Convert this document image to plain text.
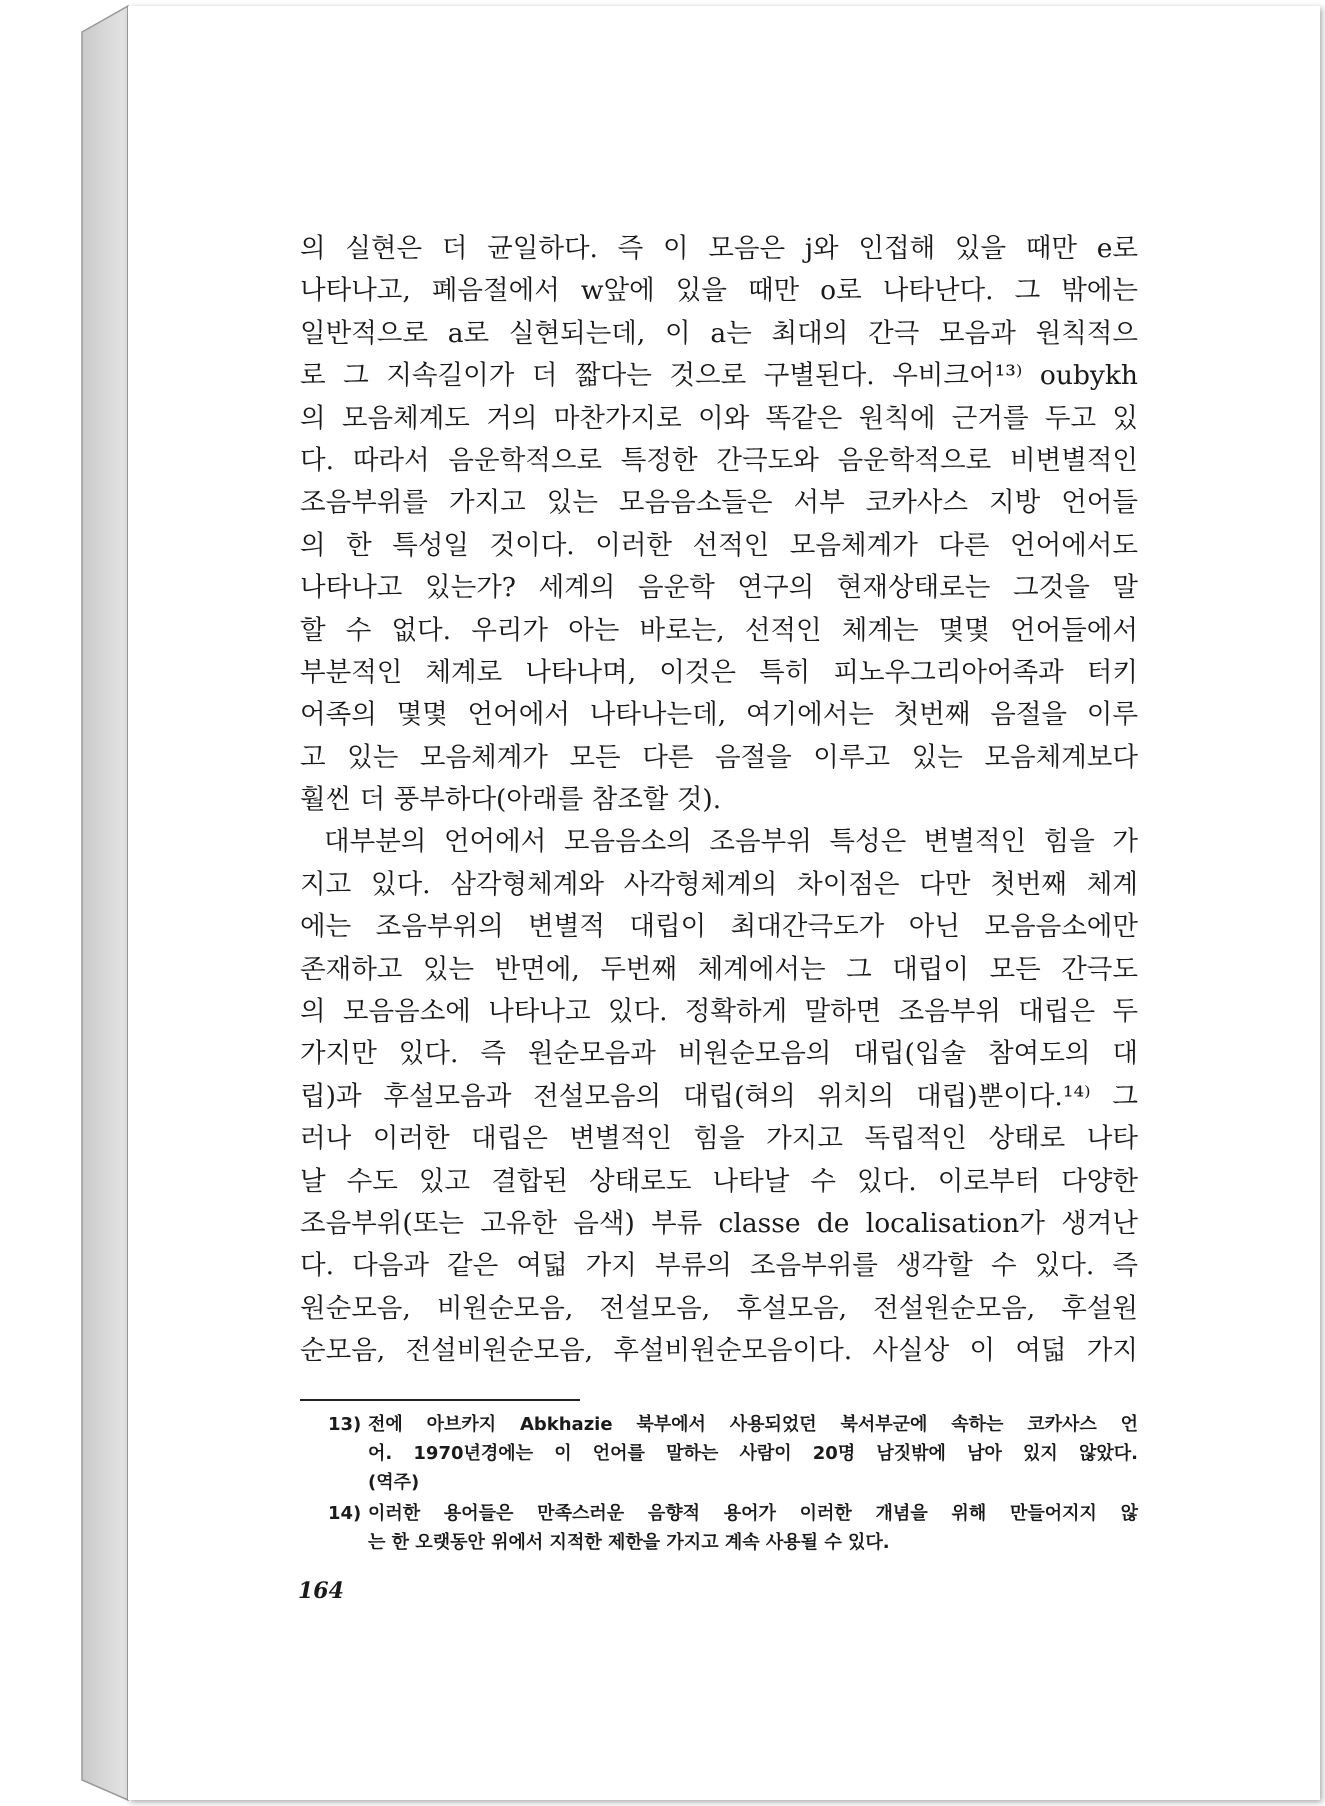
의 실현은 더 균일하다. 즉 이 모음은 j와 인접해 있을 때만 e로
나타나고, 폐음절에서 w앞에 있을 때만 o로 나타난다. 그 밖에는
일반적으로 a로 실현되는데, 이 a는 최대의 간극 모음과 원칙적으
로 그 지속길이가 더 짧다는 것으로 구별된다. 우비크어¹³⁾ oubykh
의 모음체계도 거의 마찬가지로 이와 똑같은 원칙에 근거를 두고 있
다. 따라서 음운학적으로 특정한 간극도와 음운학적으로 비변별적인
조음부위를 가지고 있는 모음음소들은 서부 코카사스 지방 언어들
의 한 특성일 것이다. 이러한 선적인 모음체계가 다른 언어에서도
나타나고 있는가? 세계의 음운학 연구의 현재상태로는 그것을 말
할 수 없다. 우리가 아는 바로는, 선적인 체계는 몇몇 언어들에서
부분적인 체계로 나타나며, 이것은 특히 피노우그리아어족과 터키
어족의 몇몇 언어에서 나타나는데, 여기에서는 첫번째 음절을 이루
고 있는 모음체계가 모든 다른 음절을 이루고 있는 모음체계보다
훨씬 더 풍부하다(아래를 참조할 것).
대부분의 언어에서 모음음소의 조음부위 특성은 변별적인 힘을 가
지고 있다. 삼각형체계와 사각형체계의 차이점은 다만 첫번째 체계
에는 조음부위의 변별적 대립이 최대간극도가 아닌 모음음소에만
존재하고 있는 반면에, 두번째 체계에서는 그 대립이 모든 간극도
의 모음음소에 나타나고 있다. 정확하게 말하면 조음부위 대립은 두
가지만 있다. 즉 원순모음과 비원순모음의 대립(입술 참여도의 대
립)과 후설모음과 전설모음의 대립(혀의 위치의 대립)뿐이다.¹⁴⁾ 그
러나 이러한 대립은 변별적인 힘을 가지고 독립적인 상태로 나타
날 수도 있고 결합된 상태로도 나타날 수 있다. 이로부터 다양한
조음부위(또는 고유한 음색) 부류 classe de localisation가 생겨난
다. 다음과 같은 여덟 가지 부류의 조음부위를 생각할 수 있다. 즉
원순모음, 비원순모음, 전설모음, 후설모음, 전설원순모음, 후설원
순모음, 전설비원순모음, 후설비원순모음이다. 사실상 이 여덟 가지
13) 전에 아브카지 Abkhazie 북부에서 사용되었던 북서부군에 속하는 코카사스 언
어. 1970년경에는 이 언어를 말하는 사람이 20명 남짓밖에 남아 있지 않았다.
(역주)
14) 이러한 용어들은 만족스러운 음향적 용어가 이러한 개념을 위해 만들어지지 않
는 한 오랫동안 위에서 지적한 제한을 가지고 계속 사용될 수 있다.
164
